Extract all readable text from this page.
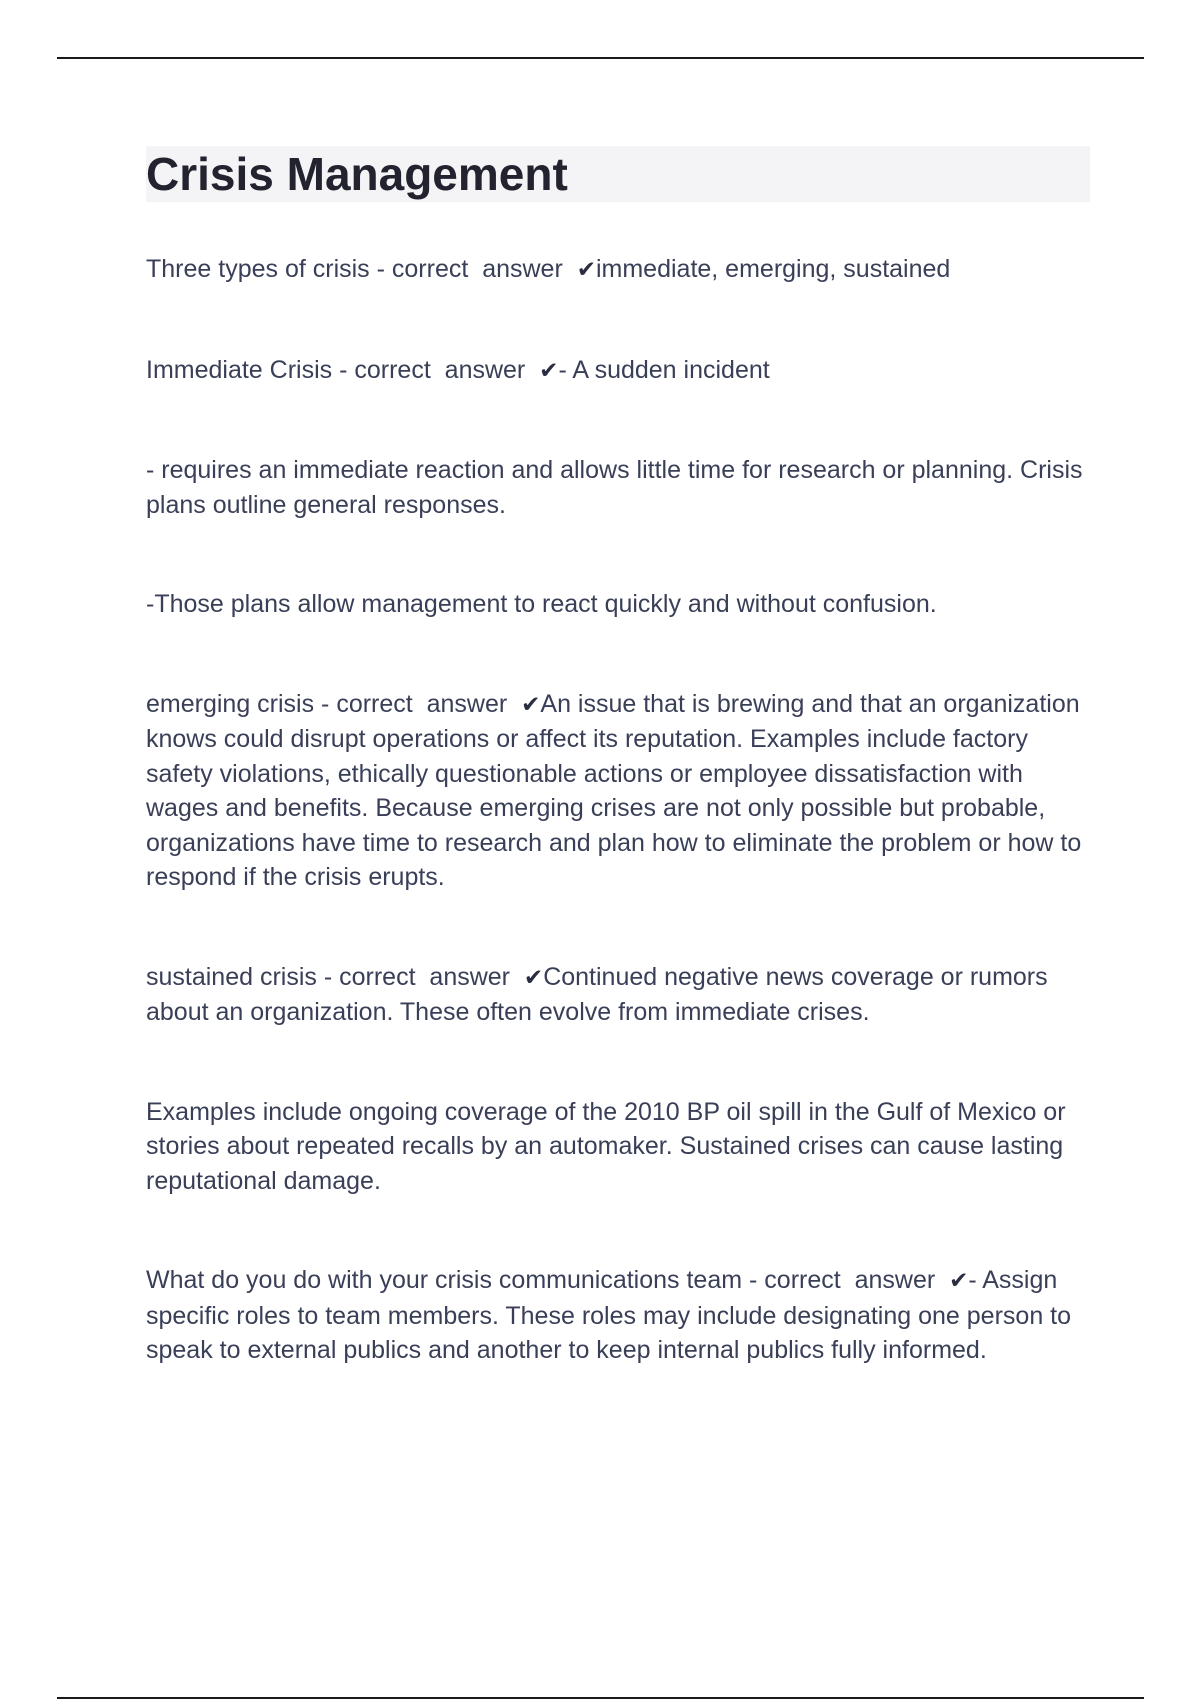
Crisis Management

Three types of crisis - correct  answer  ✔immediate, emerging, sustained

Immediate Crisis - correct  answer  ✔- A sudden incident

- requires an immediate reaction and allows little time for research or planning. Crisis plans outline general responses.

-Those plans allow management to react quickly and without confusion.

emerging crisis - correct  answer  ✔An issue that is brewing and that an organization knows could disrupt operations or affect its reputation. Examples include factory safety violations, ethically questionable actions or employee dissatisfaction with wages and benefits. Because emerging crises are not only possible but probable, organizations have time to research and plan how to eliminate the problem or how to respond if the crisis erupts.

sustained crisis - correct  answer  ✔Continued negative news coverage or rumors about an organization. These often evolve from immediate crises.

Examples include ongoing coverage of the 2010 BP oil spill in the Gulf of Mexico or stories about repeated recalls by an automaker. Sustained crises can cause lasting reputational damage.

What do you do with your crisis communications team - correct  answer  ✔- Assign specific roles to team members. These roles may include designating one person to speak to external publics and another to keep internal publics fully informed.
